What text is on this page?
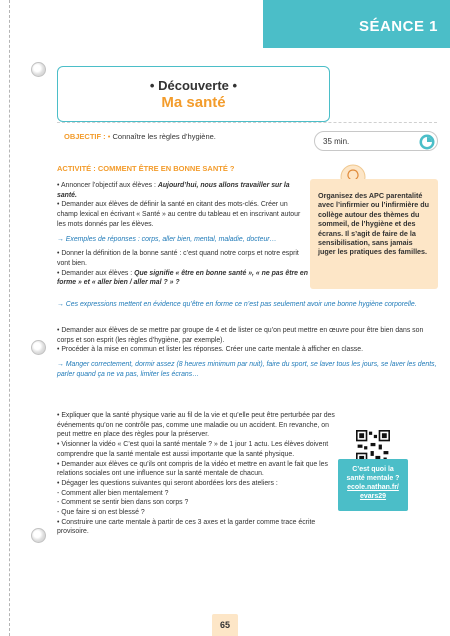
SÉANCE 1
• Découverte •
Ma santé
OBJECTIF : • Connaître les règles d’hygiène.
35 min.
ACTIVITÉ : COMMENT ÊTRE EN BONNE SANTÉ ?

• Annoncer l’objectif aux élèves : Aujourd’hui, nous allons travailler sur la santé.

• Demander aux élèves de définir la santé en citant des mots-clés. Créer un champ lexical en écrivant « Santé » au centre du tableau et en inscrivant autour les mots donnés par les élèves.

→ Exemples de réponses : corps, aller bien, mental, maladie, docteur…

• Donner la définition de la bonne santé : c’est quand notre corps et notre esprit vont bien.

• Demander aux élèves : Que signifie « être en bonne santé », « ne pas être en forme » et « aller bien / aller mal ? » ?

→ Ces expressions mettent en évidence qu’être en forme ce n’est pas seulement avoir une bonne hygiène corporelle.

Organisez des APC parentalité avec l’infirmier ou l’infirmière du collège autour des thèmes du sommeil, de l’hygiène et des écrans. Il s’agit de faire de la sensibilisation, sans jamais juger les pratiques des familles.

• Demander aux élèves de se mettre par groupe de 4 et de lister ce qu’on peut mettre en œuvre pour être bien dans son corps et son esprit (les règles d’hygiène, par exemple).

• Procéder à la mise en commun et lister les réponses. Créer une carte mentale à afficher en classe.

→ Manger correctement, dormir assez (8 heures minimum par nuit), faire du sport, se laver tous les jours, se laver les dents, parler quand ça ne va pas, limiter les écrans…

• Expliquer que la santé physique varie au fil de la vie et qu’elle peut être perturbée par des événements qu’on ne contrôle pas, comme une maladie ou un accident. En revanche, on peut mettre en place des règles pour la préserver.

• Visionner la vidéo « C’est quoi la santé mentale ? » de 1 jour 1 actu. Les élèves doivent comprendre que la santé mentale est aussi importante que la santé physique.

• Demander aux élèves ce qu’ils ont compris de la vidéo et mettre en avant le fait que les relations sociales ont une influence sur la santé mentale de chacun.

• Dégager les questions suivantes qui seront abordées lors des ateliers :

- Comment aller bien mentalement ?

- Comment se sentir bien dans son corps ?

- Que faire si on est blessé ?

• Construire une carte mentale à partir de ces 3 axes et la garder comme trace écrite provisoire.

C’est quoi la
santé mentale ?
ecole.nathan.fr/
evars29
65
